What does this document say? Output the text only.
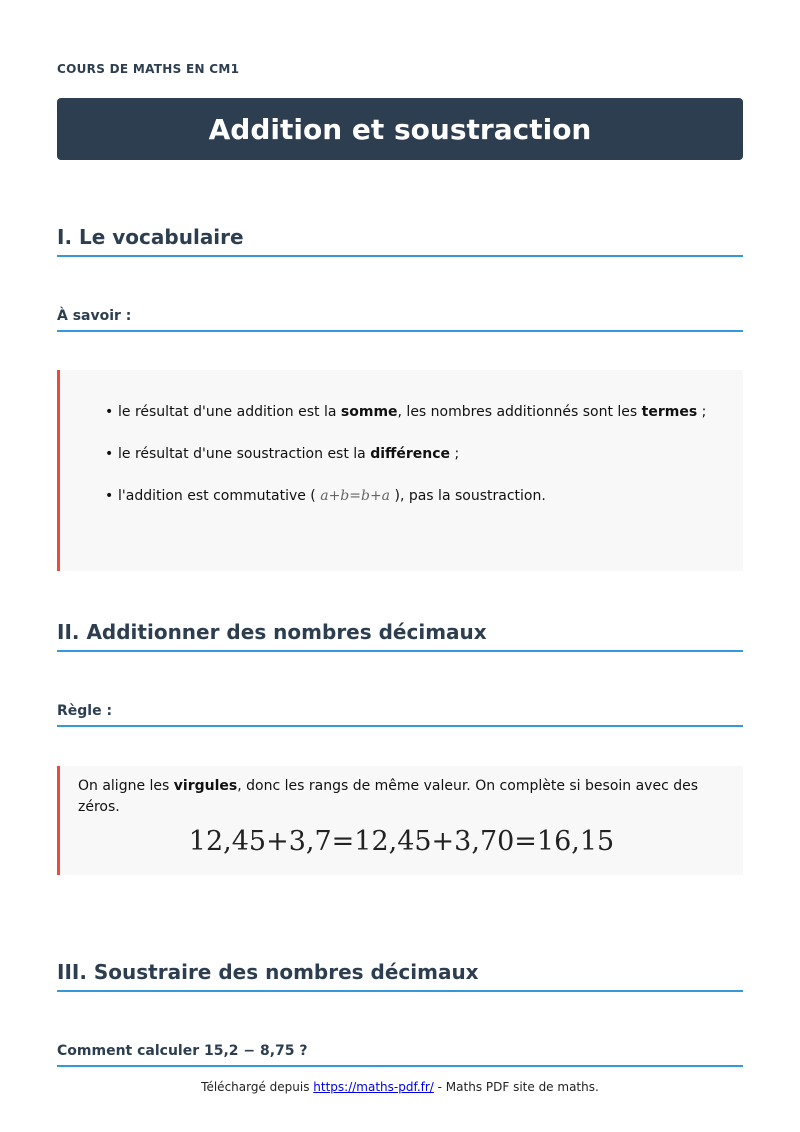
COURS DE MATHS EN CM1
Addition et soustraction
I. Le vocabulaire
À savoir :
• le résultat d'une addition est la somme, les nombres additionnés sont les termes ;
• le résultat d'une soustraction est la différence ;
• l'addition est commutative ( a+b=b+a ), pas la soustraction.
II. Additionner des nombres décimaux
Règle :
On aligne les virgules, donc les rangs de même valeur. On complète si besoin avec des zéros.
12,45+3,7=12,45+3,70=16,15
III. Soustraire des nombres décimaux
Comment calculer 15,2 − 8,75 ?
Téléchargé depuis https://maths-pdf.fr/ - Maths PDF site de maths.
